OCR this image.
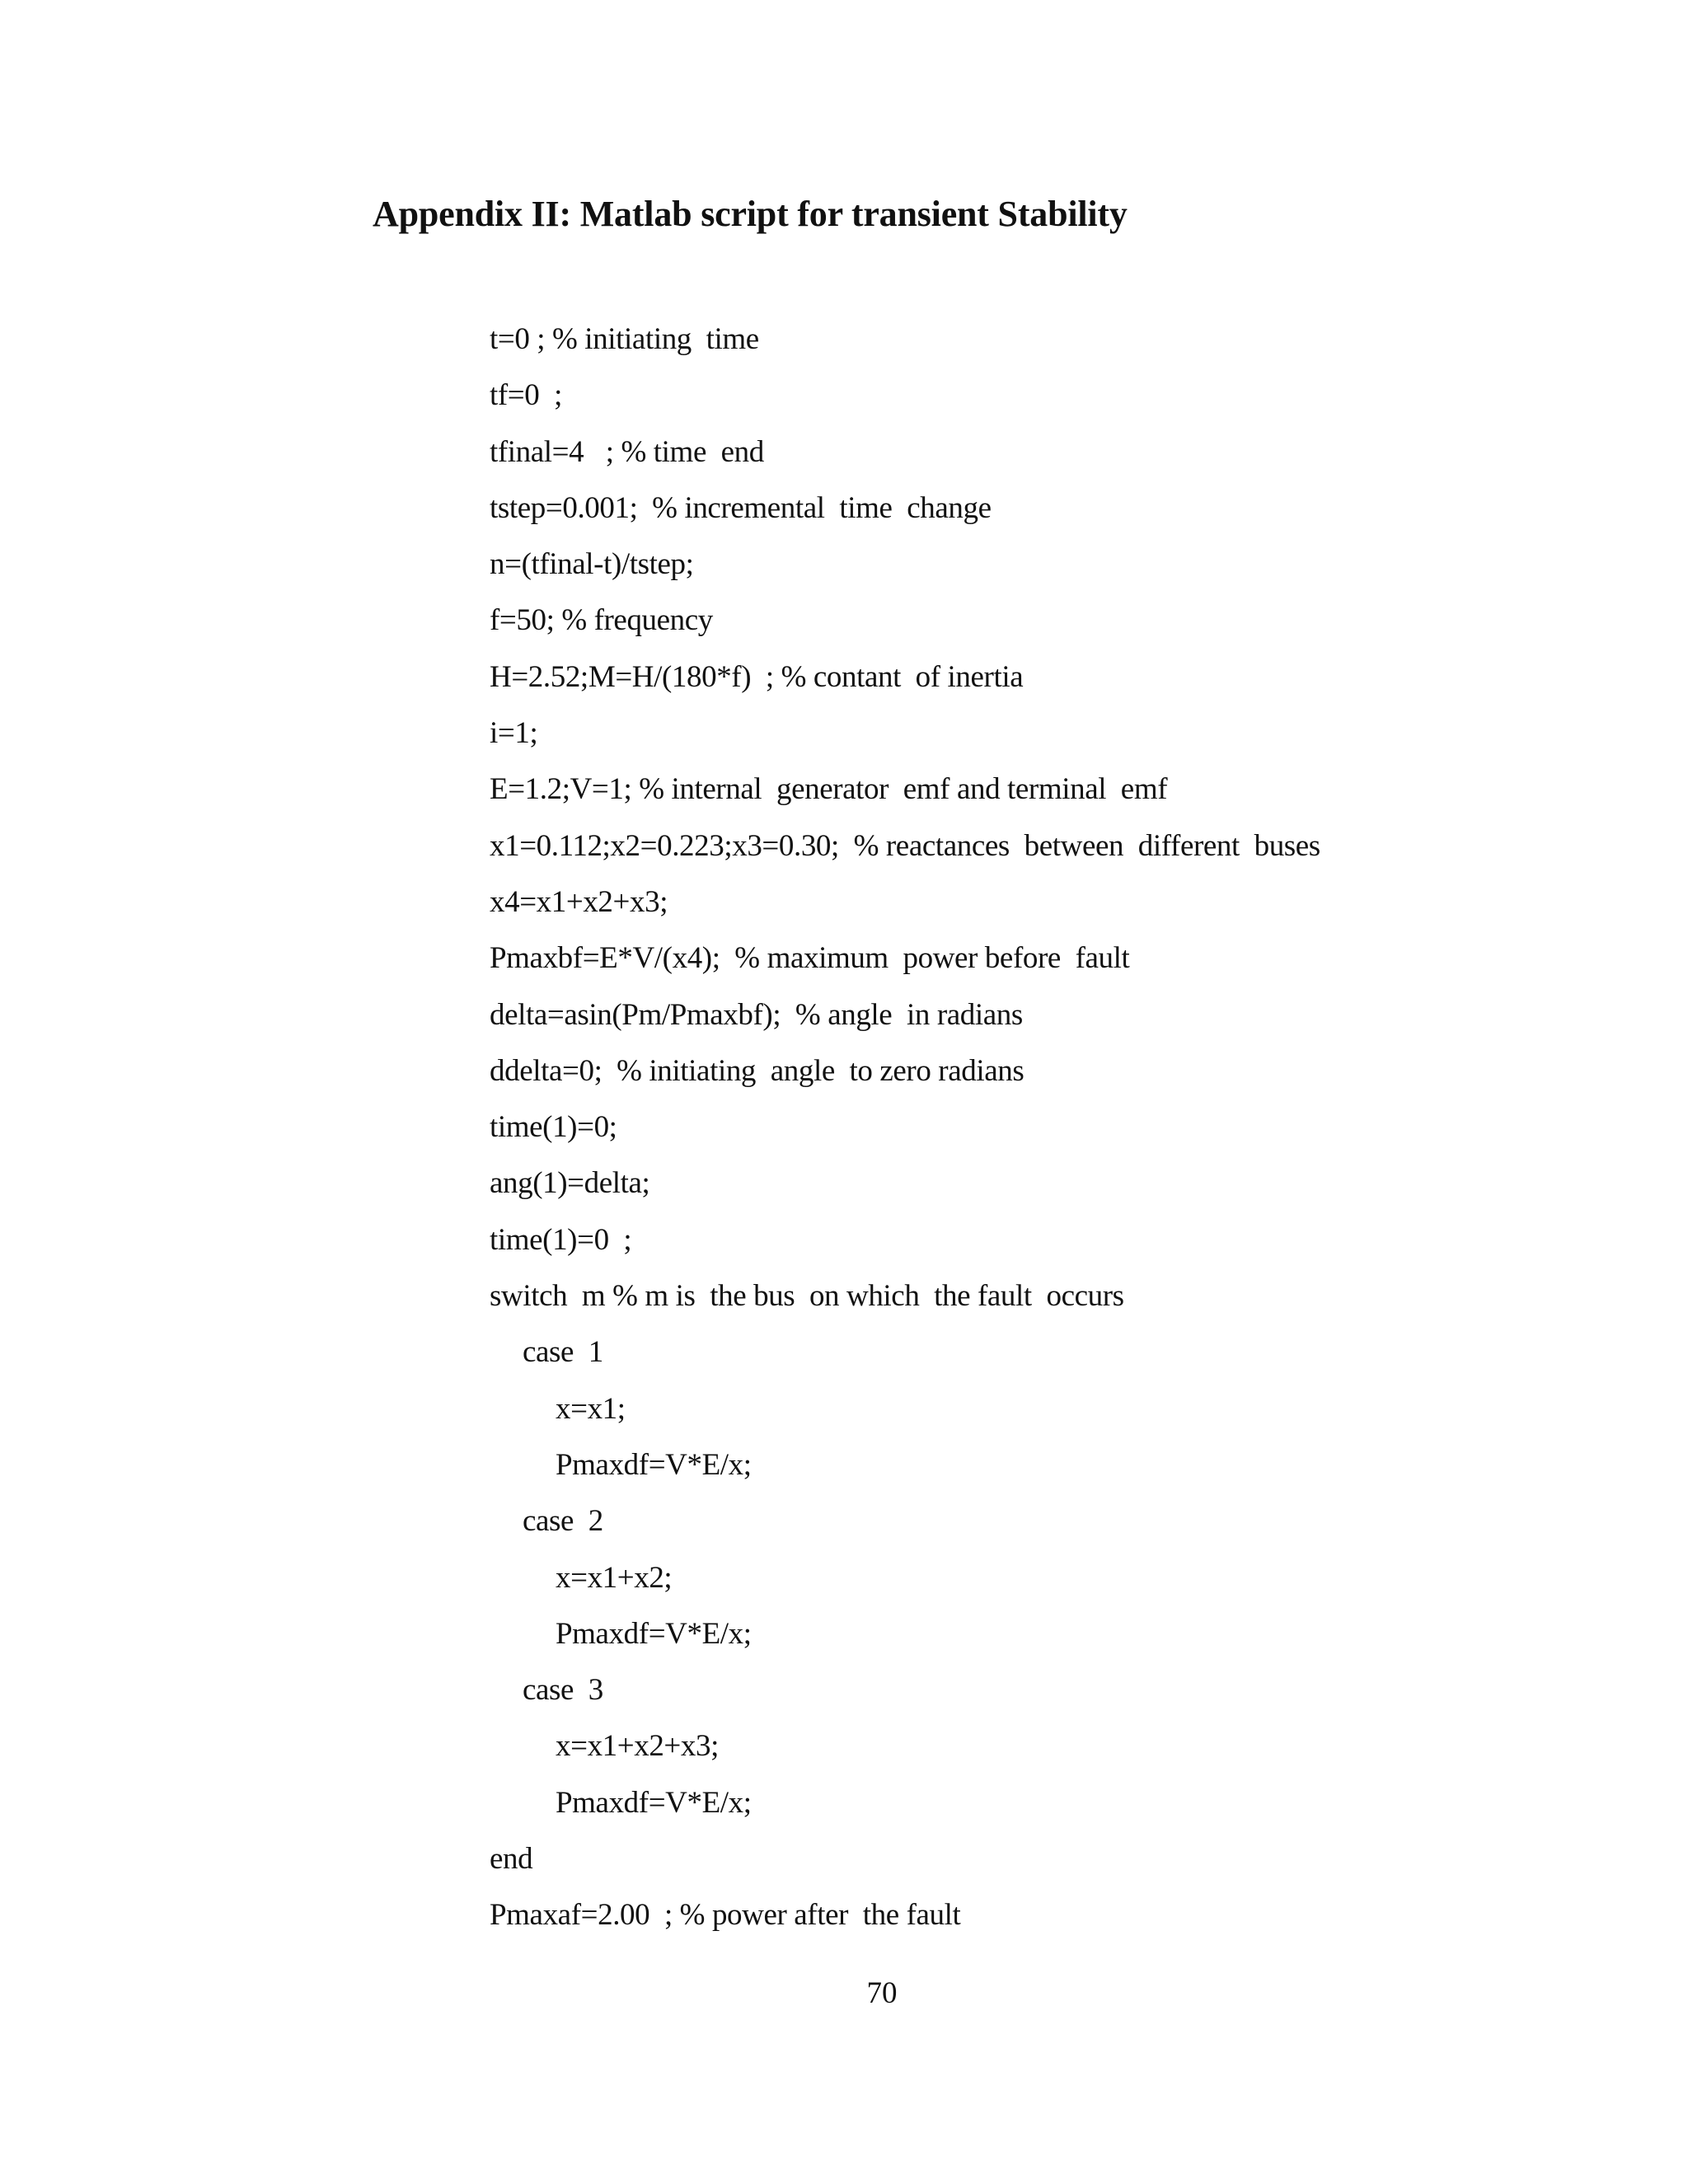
Appendix II: Matlab script for transient Stability
t=0 ; % initiating  time
tf=0  ;
tfinal=4   ; % time  end
tstep=0.001;  % incremental  time  change
n=(tfinal-t)/tstep;
f=50; % frequency
H=2.52;M=H/(180*f)  ; % contant  of inertia
i=1;
E=1.2;V=1; % internal  generator  emf and terminal  emf
x1=0.112;x2=0.223;x3=0.30;  % reactances  between  different  buses
x4=x1+x2+x3;
Pmaxbf=E*V/(x4);  % maximum  power before  fault
delta=asin(Pm/Pmaxbf);  % angle  in radians
ddelta=0;  % initiating  angle  to zero radians
time(1)=0;
ang(1)=delta;
time(1)=0  ;
switch  m % m is  the bus  on which  the fault  occurs
case  1
x=x1;
Pmaxdf=V*E/x;
case  2
x=x1+x2;
Pmaxdf=V*E/x;
case  3
x=x1+x2+x3;
Pmaxdf=V*E/x;
end
Pmaxaf=2.00  ; % power after  the fault
70
